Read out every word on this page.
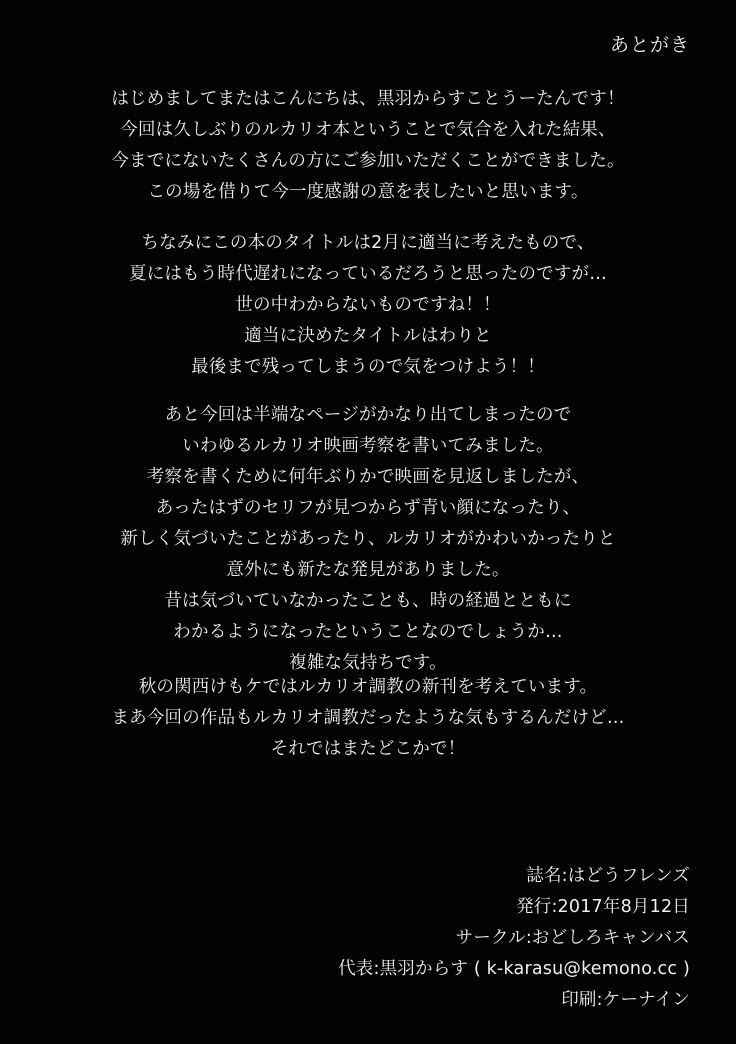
あとがき

はじめましてまたはこんにちは、黒羽からすことうーたんです！

今回は久しぶりのルカリオ本ということで気合を入れた結果、

今までにないたくさんの方にご参加いただくことができました。

この場を借りて今一度感謝の意を表したいと思います。

ちなみにこの本のタイトルは2月に適当に考えたもので、

夏にはもう時代遅れになっているだろうと思ったのですが…

世の中わからないものですね！！

適当に決めたタイトルはわりと

最後まで残ってしまうので気をつけよう！！

あと今回は半端なページがかなり出てしまったので

いわゆるルカリオ映画考察を書いてみました。

考察を書くために何年ぶりかで映画を見返しましたが、

あったはずのセリフが見つからず青い顔になったり、

新しく気づいたことがあったり、ルカリオがかわいかったりと

意外にも新たな発見がありました。

昔は気づいていなかったことも、時の経過とともに

わかるようになったということなのでしょうか…

複雑な気持ちです。

秋の関西けもケではルカリオ調教の新刊を考えています。

まあ今回の作品もルカリオ調教だったような気もするんだけど…

それではまたどこかで！

誌名:はどうフレンズ

発行:2017年8月12日

サークル:おどしろキャンバス

代表:黒羽からす ( k-karasu@kemono.cc )

印刷:ケーナイン
